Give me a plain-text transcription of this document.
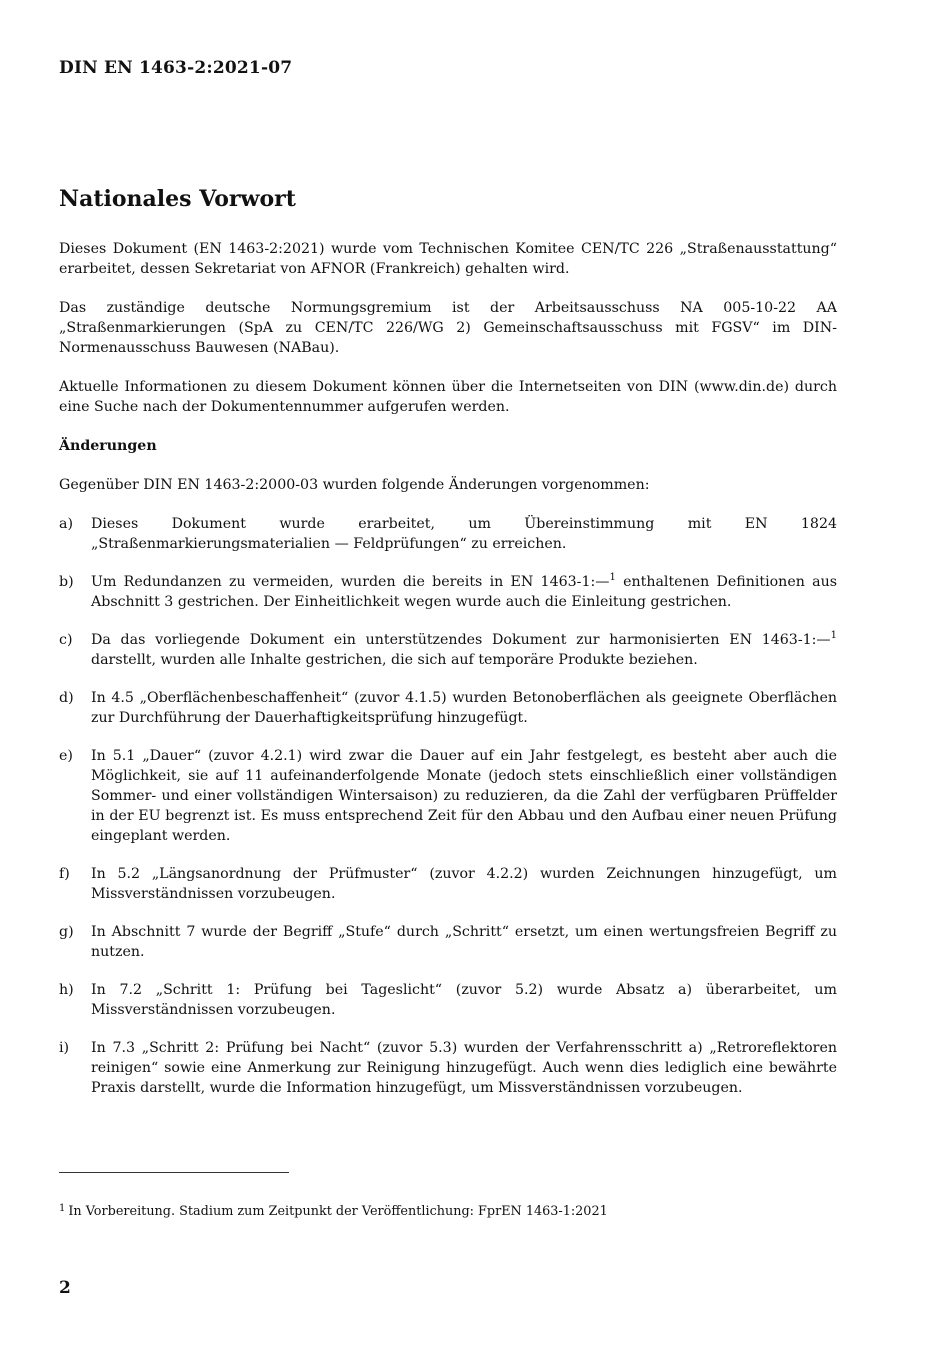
DIN EN 1463-2:2021-07
Nationales Vorwort

Dieses Dokument (EN 1463-2:2021) wurde vom Technischen Komitee CEN/TC 226 „Straßenausstattung“ erarbeitet, dessen Sekretariat von AFNOR (Frankreich) gehalten wird.

Das zuständige deutsche Normungsgremium ist der Arbeitsausschuss NA 005-10-22 AA „Straßenmarkierungen (SpA zu CEN/TC 226/WG 2) Gemeinschaftsausschuss mit FGSV“ im DIN-Normenausschuss Bauwesen (NABau).

Aktuelle Informationen zu diesem Dokument können über die Internetseiten von DIN (www.din.de) durch eine Suche nach der Dokumentennummer aufgerufen werden.

Änderungen

Gegenüber DIN EN 1463-2:2000-03 wurden folgende Änderungen vorgenommen:

a)	Dieses Dokument wurde erarbeitet, um Übereinstimmung mit EN 1824 „Straßenmarkierungsmaterialien — Feldprüfungen“ zu erreichen.
b)	Um Redundanzen zu vermeiden, wurden die bereits in EN 1463-1:—$^1$ enthaltenen Definitionen aus Abschnitt 3 gestrichen. Der Einheitlichkeit wegen wurde auch die Einleitung gestrichen.
c)	Da das vorliegende Dokument ein unterstützendes Dokument zur harmonisierten EN 1463-1:—$^1$ darstellt, wurden alle Inhalte gestrichen, die sich auf temporäre Produkte beziehen.
d)	In 4.5 „Oberflächenbeschaffenheit“ (zuvor 4.1.5) wurden Betonoberflächen als geeignete Oberflächen zur Durchführung der Dauerhaftigkeitsprüfung hinzugefügt.
e)	In 5.1 „Dauer“ (zuvor 4.2.1) wird zwar die Dauer auf ein Jahr festgelegt, es besteht aber auch die Möglichkeit, sie auf 11 aufeinanderfolgende Monate (jedoch stets einschließlich einer vollständigen Sommer- und einer vollständigen Wintersaison) zu reduzieren, da die Zahl der verfügbaren Prüffelder in der EU begrenzt ist. Es muss entsprechend Zeit für den Abbau und den Aufbau einer neuen Prüfung eingeplant werden.
f)	In 5.2 „Längsanordnung der Prüfmuster“ (zuvor 4.2.2) wurden Zeichnungen hinzugefügt, um Missverständnissen vorzubeugen.
g)	In Abschnitt 7 wurde der Begriff „Stufe“ durch „Schritt“ ersetzt, um einen wertungsfreien Begriff zu nutzen.
h)	In 7.2 „Schritt 1: Prüfung bei Tageslicht“ (zuvor 5.2) wurde Absatz a) überarbeitet, um Missverständnissen vorzubeugen.
i)	In 7.3 „Schritt 2: Prüfung bei Nacht“ (zuvor 5.3) wurden der Verfahrensschritt a) „Retroreflektoren reinigen“ sowie eine Anmerkung zur Reinigung hinzugefügt. Auch wenn dies lediglich eine bewährte Praxis darstellt, wurde die Information hinzugefügt, um Missverständnissen vorzubeugen.
$^1$ In Vorbereitung. Stadium zum Zeitpunkt der Veröffentlichung: FprEN 1463-1:2021
2
